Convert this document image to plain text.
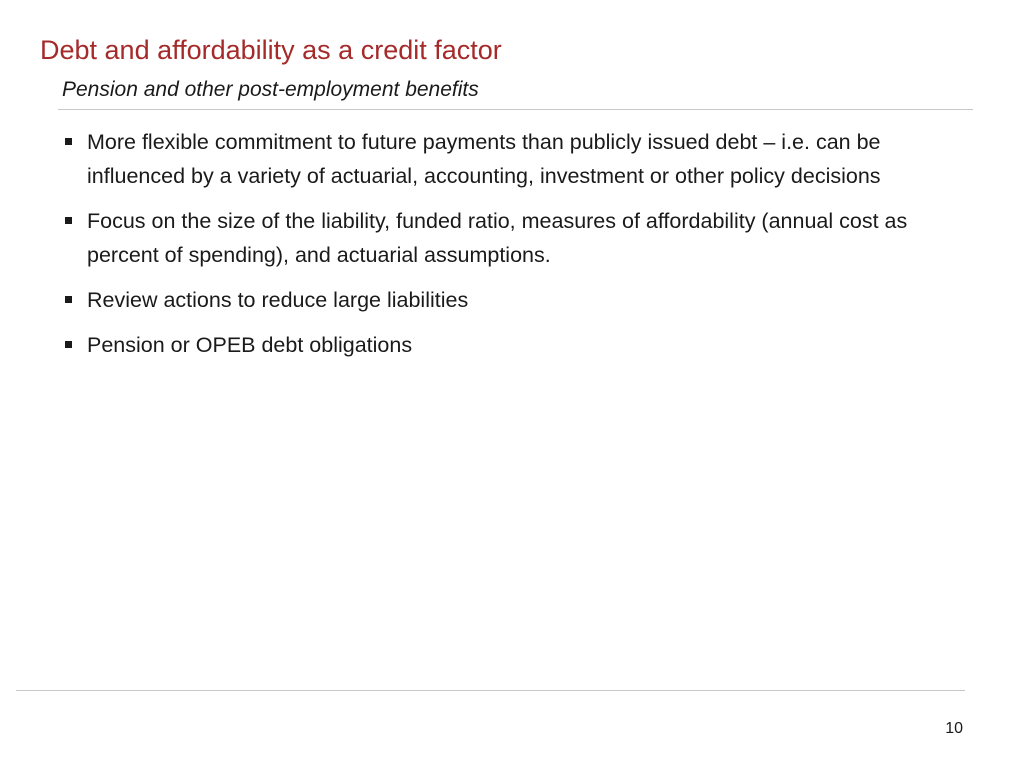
Debt and affordability as a credit factor
Pension and other post-employment benefits
More flexible commitment to future payments than publicly issued debt – i.e. can be influenced by a variety of actuarial, accounting, investment or other policy decisions
Focus on the size of the liability, funded ratio, measures of affordability (annual cost as percent of spending), and actuarial assumptions.
Review actions to reduce large liabilities
Pension or OPEB debt obligations
10
